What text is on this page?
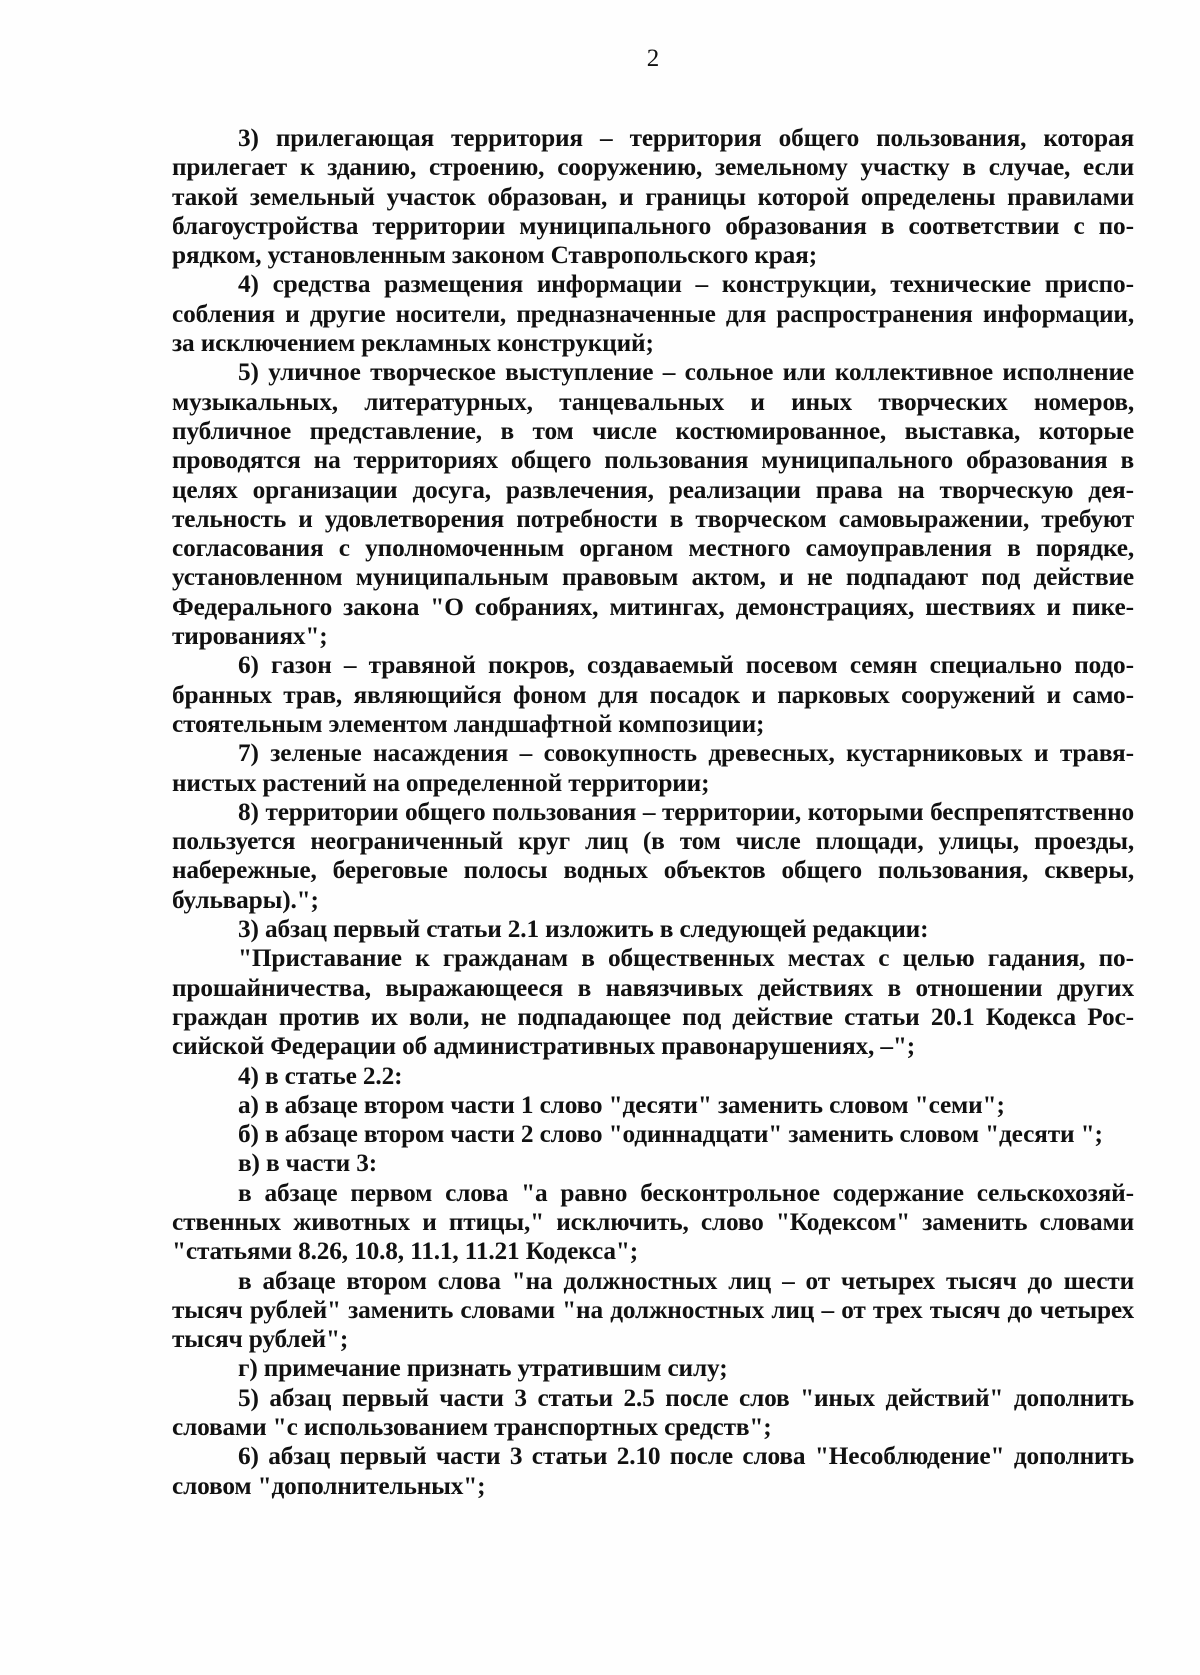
2

3) прилегающая территория – территория общего пользования, которая прилегает к зданию, строению, сооружению, земельному участку в случае, если такой земельный участок образован, и границы которой определены правилами благоустройства территории муниципального образования в соответствии с порядком, установленным законом Ставропольского края;

4) средства размещения информации – конструкции, технические приспособления и другие носители, предназначенные для распространения информации, за исключением рекламных конструкций;

5) уличное творческое выступление – сольное или коллективное исполнение музыкальных, литературных, танцевальных и иных творческих номеров, публичное представление, в том числе костюмированное, выставка, которые проводятся на территориях общего пользования муниципального образования в целях организации досуга, развлечения, реализации права на творческую деятельность и удовлетворения потребности в творческом самовыражении, требуют согласования с уполномоченным органом местного самоуправления в порядке, установленном муниципальным правовым актом, и не подпадают под действие Федерального закона "О собраниях, митингах, демонстрациях, шествиях и пикетированиях";

6) газон – травяной покров, создаваемый посевом семян специально подобранных трав, являющийся фоном для посадок и парковых сооружений и самостоятельным элементом ландшафтной композиции;

7) зеленые насаждения – совокупность древесных, кустарниковых и травянистых растений на определенной территории;

8) территории общего пользования – территории, которыми беспрепятственно пользуется неограниченный круг лиц (в том числе площади, улицы, проезды, набережные, береговые полосы водных объектов общего пользования, скверы, бульвары).";

3) абзац первый статьи 2.1 изложить в следующей редакции:

"Приставание к гражданам в общественных местах с целью гадания, попрошайничества, выражающееся в навязчивых действиях в отношении других граждан против их воли, не подпадающее под действие статьи 20.1 Кодекса Российской Федерации об административных правонарушениях, –";

4) в статье 2.2:

а) в абзаце втором части 1 слово "десяти" заменить словом "семи";

б) в абзаце втором части 2 слово "одиннадцати" заменить словом "десяти ";

в) в части 3:

в абзаце первом слова "а равно бесконтрольное содержание сельскохозяйственных животных и птицы," исключить, слово "Кодексом" заменить словами "статьями 8.26, 10.8, 11.1, 11.21 Кодекса";

в абзаце втором слова "на должностных лиц – от четырех тысяч до шести тысяч рублей" заменить словами "на должностных лиц – от трех тысяч до четырех тысяч рублей";

г) примечание признать утратившим силу;

5) абзац первый части 3 статьи 2.5 после слов "иных действий" дополнить словами "с использованием транспортных средств";

6) абзац первый части 3 статьи 2.10 после слова "Несоблюдение" дополнить словом "дополнительных";
